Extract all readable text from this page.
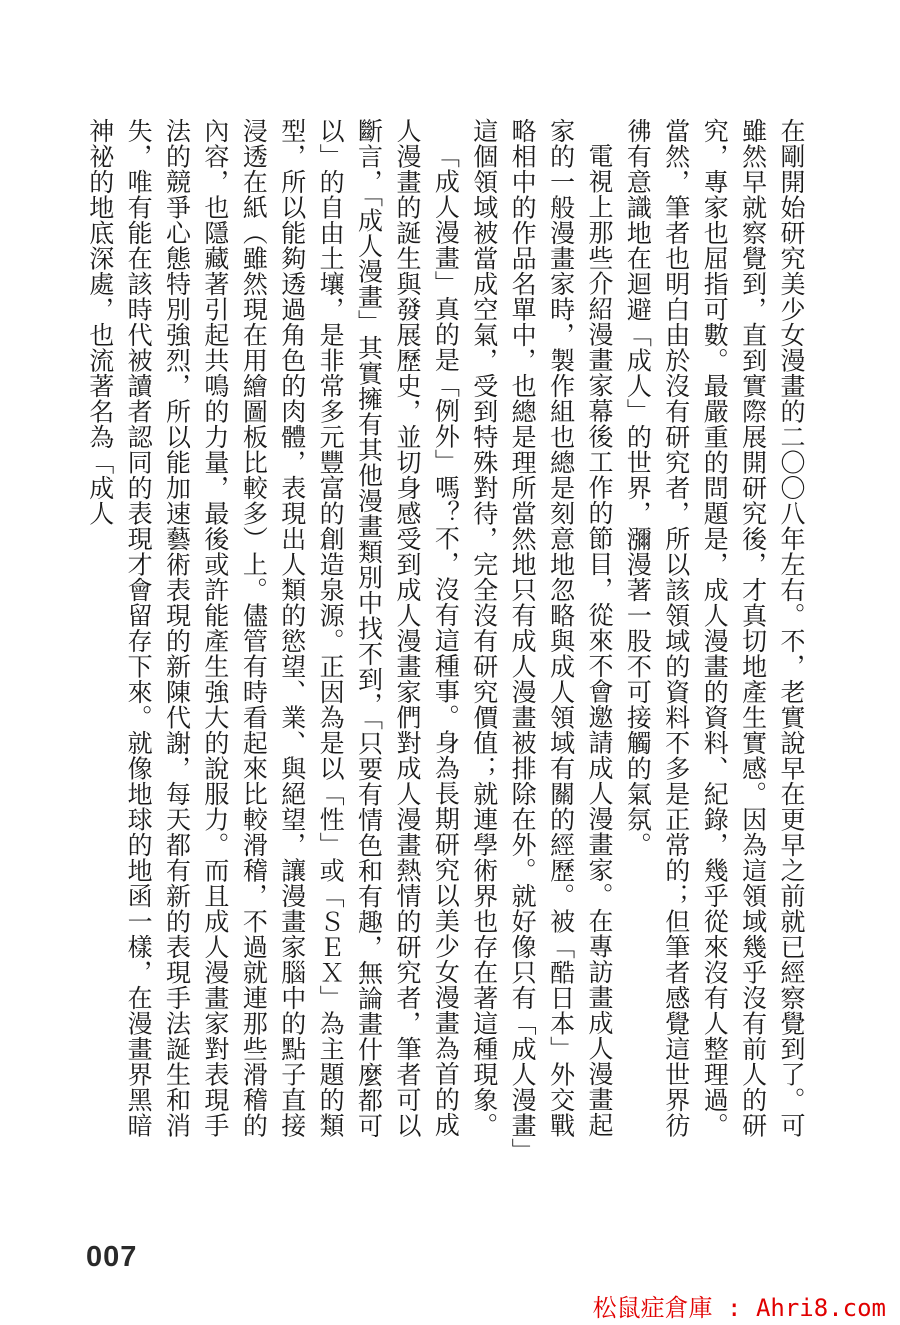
在剛開始研究美少女漫畫的二〇〇八年左右。不，老實說早在更早之前就已經察覺到了。可雖然早就察覺到，直到實際展開研究後，才真切地產生實感。因為這領域幾乎沒有前人的研究，專家也屈指可數。最嚴重的問題是，成人漫畫的資料、紀錄，幾乎從來沒有人整理過。當然，筆者也明白由於沒有研究者，所以該領域的資料不多是正常的；但筆者感覺這世界彷彿有意識地在迴避「成人」的世界，瀰漫著一股不可接觸的氣氛。

電視上那些介紹漫畫家幕後工作的節目，從來不會邀請成人漫畫家。在專訪畫成人漫畫起家的一般漫畫家時，製作組也總是刻意地忽略與成人領域有關的經歷。被「酷日本」外交戰略相中的作品名單中，也總是理所當然地只有成人漫畫被排除在外。就好像只有「成人漫畫」這個領域被當成空氣，受到特殊對待，完全沒有研究價值；就連學術界也存在著這種現象。

「成人漫畫」真的是「例外」嗎？不，沒有這種事。身為長期研究以美少女漫畫為首的成人漫畫的誕生與發展歷史，並切身感受到成人漫畫家們對成人漫畫熱情的研究者，筆者可以斷言，「成人漫畫」其實擁有其他漫畫類別中找不到，「只要有情色和有趣，無論畫什麼都可以」的自由土壤，是非常多元豐富的創造泉源。正因為是以「性」或「ＳＥＸ」為主題的類型，所以能夠透過角色的肉體，表現出人類的慾望、業、與絕望，讓漫畫家腦中的點子直接浸透在紙（雖然現在用繪圖板比較多）上。儘管有時看起來比較滑稽，不過就連那些滑稽的內容，也隱藏著引起共鳴的力量，最後或許能產生強大的說服力。而且成人漫畫家對表現手法的競爭心態特別強烈，所以能加速藝術表現的新陳代謝，每天都有新的表現手法誕生和消失，唯有能在該時代被讀者認同的表現才會留存下來。就像地球的地函一樣，在漫畫界黑暗神祕的地底深處，也流著名為「成人

007
松鼠症倉庫 : Ahri8.com
